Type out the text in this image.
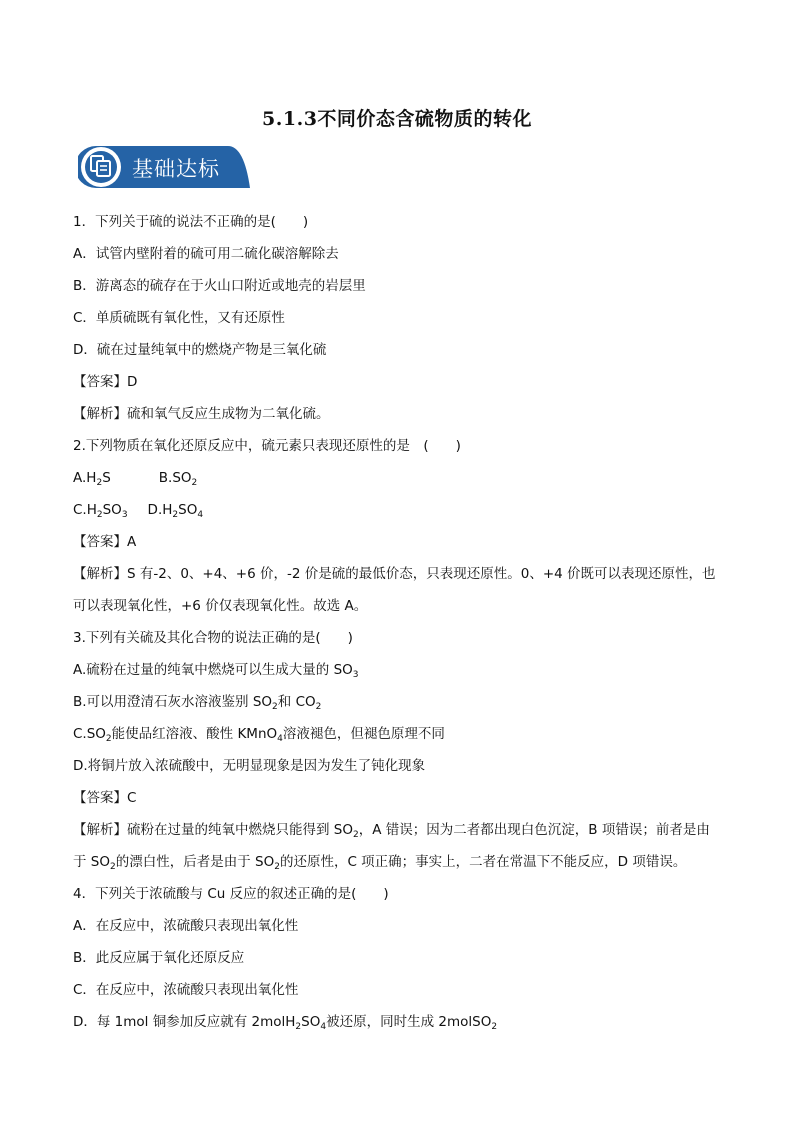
5.1.3不同价态含硫物质的转化
基础达标
1．下列关于硫的说法不正确的是(　　)
A．试管内壁附着的硫可用二硫化碳溶解除去
B．游离态的硫存在于火山口附近或地壳的岩层里
C．单质硫既有氧化性，又有还原性
D．硫在过量纯氧中的燃烧产物是三氧化硫
【答案】D
【解析】硫和氧气反应生成物为二氧化硫。
2.下列物质在氧化还原反应中，硫元素只表现还原性的是　(　　)
$A.H_2S$	$B.SO_2$
$C.H_2SO_3$ $D.H_2SO_4$
【答案】A
【解析】S 有-2、0、+4、+6 价，-2 价是硫的最低价态，只表现还原性。0、+4 价既可以表现还原性，也可以表现氧化性，+6 价仅表现氧化性。故选 A。
3.下列有关硫及其化合物的说法正确的是(　　)
A.硫粉在过量的纯氧中燃烧可以生成大量的 $SO_3$
B.可以用澄清石灰水溶液鉴别 $SO_2$和 $CO_2$
$C.SO_2$能使品红溶液、酸性 KMnO$_4$溶液褪色，但褪色原理不同
D.将铜片放入浓硫酸中，无明显现象是因为发生了钝化现象
【答案】C
【解析】硫粉在过量的纯氧中燃烧只能得到 $SO_2$，A 错误；因为二者都出现白色沉淀，B 项错误；前者是由于 $SO_2$的漂白性，后者是由于 $SO_2$的还原性，C 项正确；事实上，二者在常温下不能反应，D 项错误。
4．下列关于浓硫酸与 Cu 反应的叙述正确的是(　　)
A．在反应中，浓硫酸只表现出氧化性
B．此反应属于氧化还原反应
C．在反应中，浓硫酸只表现出氧化性
D．每 1mol 铜参加反应就有 $2molH_2SO_4$被还原，同时生成 2molSO$_2$
